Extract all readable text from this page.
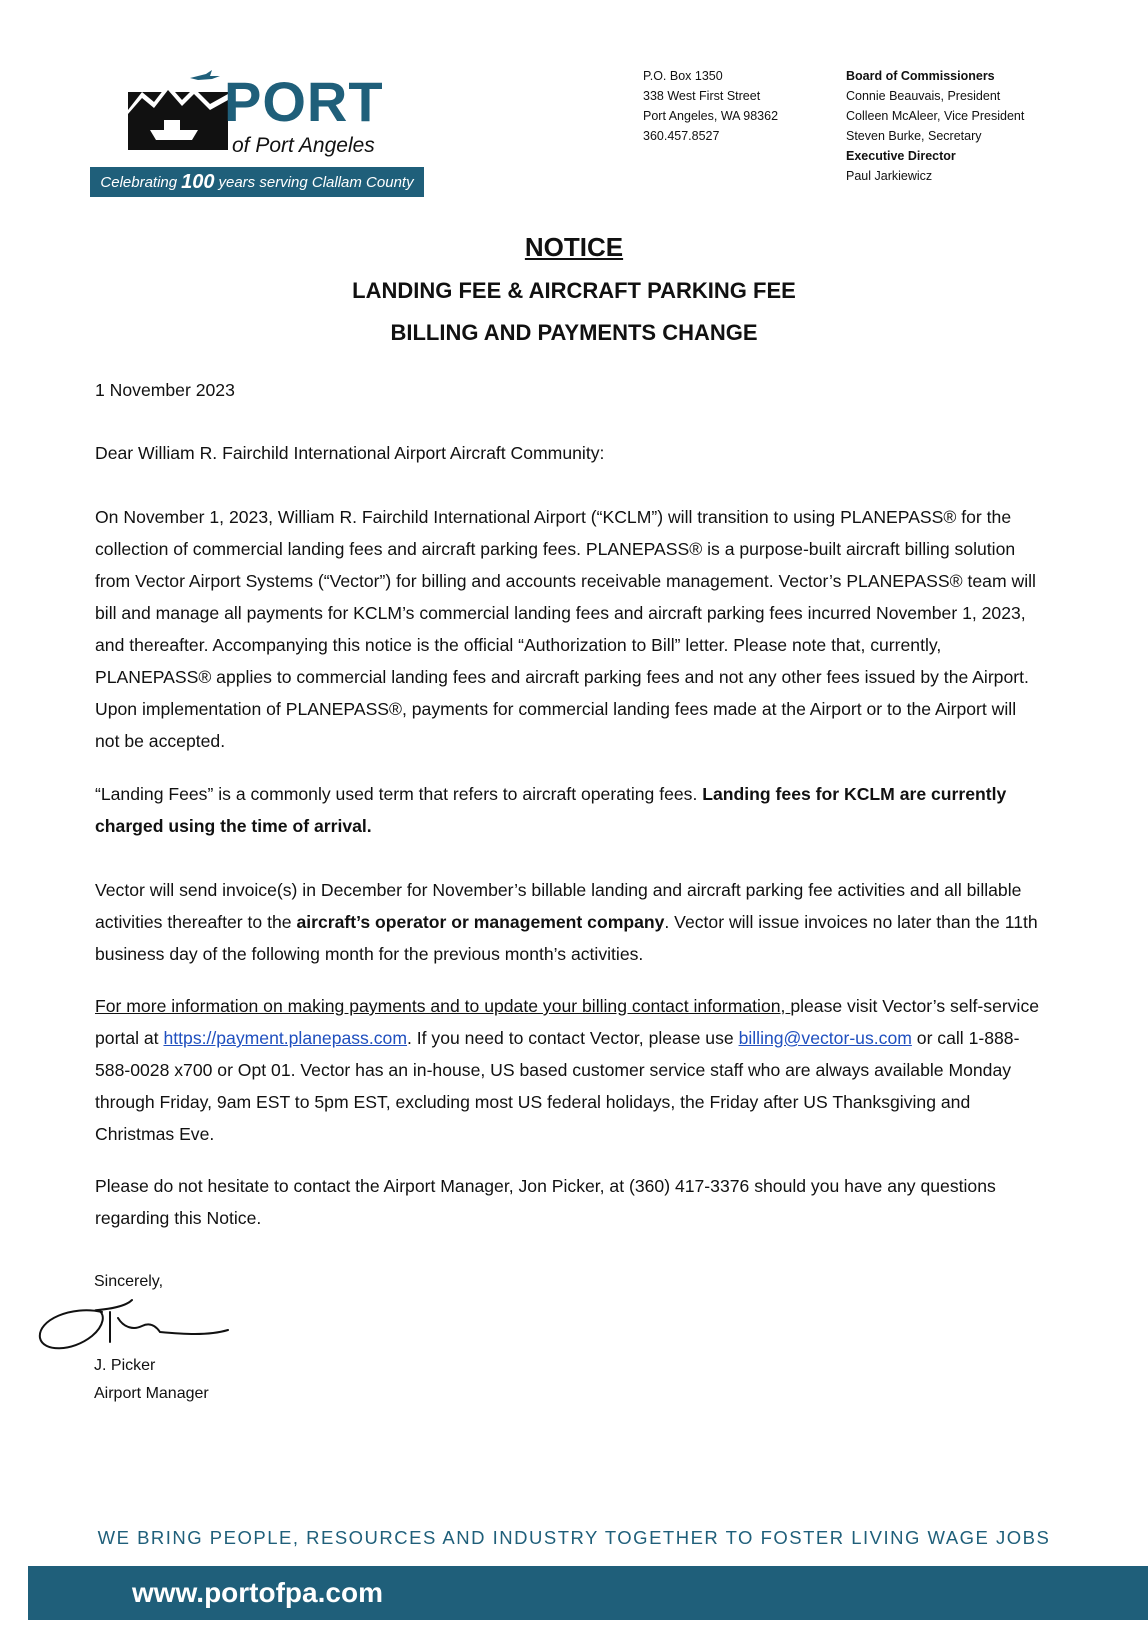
PORT
of Port Angeles
Celebrating 100 years serving Clallam County
P.O. Box 1350
338 West First Street
Port Angeles, WA 98362
360.457.8527
Board of Commissioners
Connie Beauvais, President
Colleen McAleer, Vice President
Steven Burke, Secretary
Executive Director
Paul Jarkiewicz
NOTICE
LANDING FEE & AIRCRAFT PARKING FEE
BILLING AND PAYMENTS CHANGE

1 November 2023

Dear William R. Fairchild International Airport Aircraft Community:

On November 1, 2023, William R. Fairchild International Airport (“KCLM”) will transition to using PLANEPASS® for the collection of commercial landing fees and aircraft parking fees. PLANEPASS® is a purpose-built aircraft billing solution from Vector Airport Systems (“Vector”) for billing and accounts receivable management. Vector’s PLANEPASS® team will bill and manage all payments for KCLM’s commercial landing fees and aircraft parking fees incurred November 1, 2023, and thereafter. Accompanying this notice is the official “Authorization to Bill” letter. Please note that, currently, PLANEPASS® applies to commercial landing fees and aircraft parking fees and not any other fees issued by the Airport. Upon implementation of PLANEPASS®, payments for commercial landing fees made at the Airport or to the Airport will not be accepted.

“Landing Fees” is a commonly used term that refers to aircraft operating fees. Landing fees for KCLM are currently charged using the time of arrival.

Vector will send invoice(s) in December for November’s billable landing and aircraft parking fee activities and all billable activities thereafter to the aircraft’s operator or management company. Vector will issue invoices no later than the 11th business day of the following month for the previous month’s activities.

For more information on making payments and to update your billing contact information, please visit Vector’s self-service portal at https://payment.planepass.com. If you need to contact Vector, please use billing@vector-us.com or call 1-888-588-0028 x700 or Opt 01. Vector has an in-house, US based customer service staff who are always available Monday through Friday, 9am EST to 5pm EST, excluding most US federal holidays, the Friday after US Thanksgiving and Christmas Eve.

Please do not hesitate to contact the Airport Manager, Jon Picker, at (360) 417-3376 should you have any questions regarding this Notice.

Sincerely,
J. Picker
Airport Manager
WE BRING PEOPLE, RESOURCES AND INDUSTRY TOGETHER TO FOSTER LIVING WAGE JOBS
www.portofpa.com
